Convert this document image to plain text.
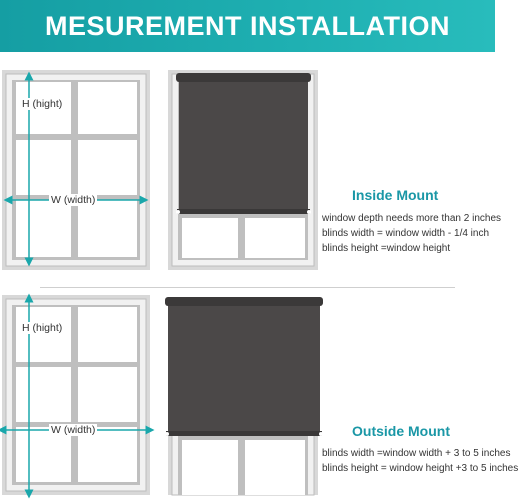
MESUREMENT INSTALLATION
H (hight)
W (width)	Inside Mount
window depth needs more than 2 inches
blinds width = window width - 1/4 inch
blinds height =window height
H (hight)
W (width)	Outside Mount
blinds width =window width + 3 to 5 inches
blinds height = window height +3 to 5 inches
